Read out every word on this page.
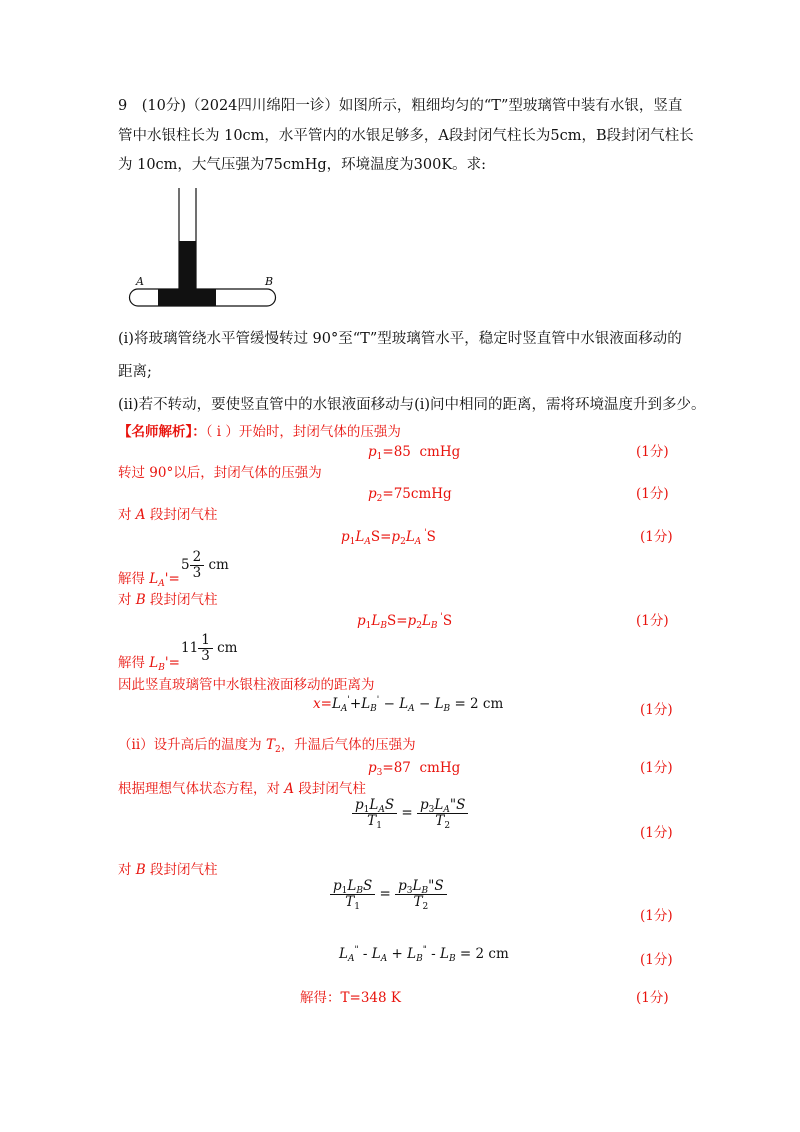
9　(10分)（2024四川绵阳一诊）如图所示，粗细均匀的“T”型玻璃管中装有水银，竖直
管中水银柱长为 10cm，水平管内的水银足够多，A段封闭气柱长为5cm，B段封闭气柱长
为 10cm，大气压强为75cmHg，环境温度为300K。求:
A	B
(i)将玻璃管绕水平管缓慢转过 90°至“T”型玻璃管水平，稳定时竖直管中水银液面移动的
距离;
(ii)若不转动，要使竖直管中的水银液面移动与(i)问中相同的距离，需将环境温度升到多少。
【名师解析】：（ i ）开始时，封闭气体的压强为
$p_1=85$  cmHg	(1分)
转过 90°以后，封闭气体的压强为
$p_2=75cmHg$	(1分)
对 A 段封闭气柱
$p_1L_AS=p_2L_A$ 'S	(1分)
$5 \frac{2}{3}$ cm
解得 $L_A'=$
对 B 段封闭气柱
$p_1L_BS=p_2L_B$ 'S	(1分)
$11 \frac{1}{3}$ cm
解得 $L_B'=$
因此竖直玻璃管中水银柱液面移动的距离为
$x=L_A'+L_B' - L_A - L_B = 2$ cm	(1分)
（ii）设升高后的温度为 $T_2$，升温后气体的压强为
$p_3=87$  cmHg	(1分)
根据理想气体状态方程，对 A 段封闭气柱
$\frac{p_1L_AS}{T_1} = \frac{p_3L_A"S}{T_2}$
(1分)
对 B 段封闭气柱
$\frac{p_1L_BS}{T_1} = \frac{p_3L_B"S}{T_2}$
(1分)
$L_A^" - L_A + L_B^" - L_B = 2$ cm	(1分)
解得：T=348 K	(1分)
